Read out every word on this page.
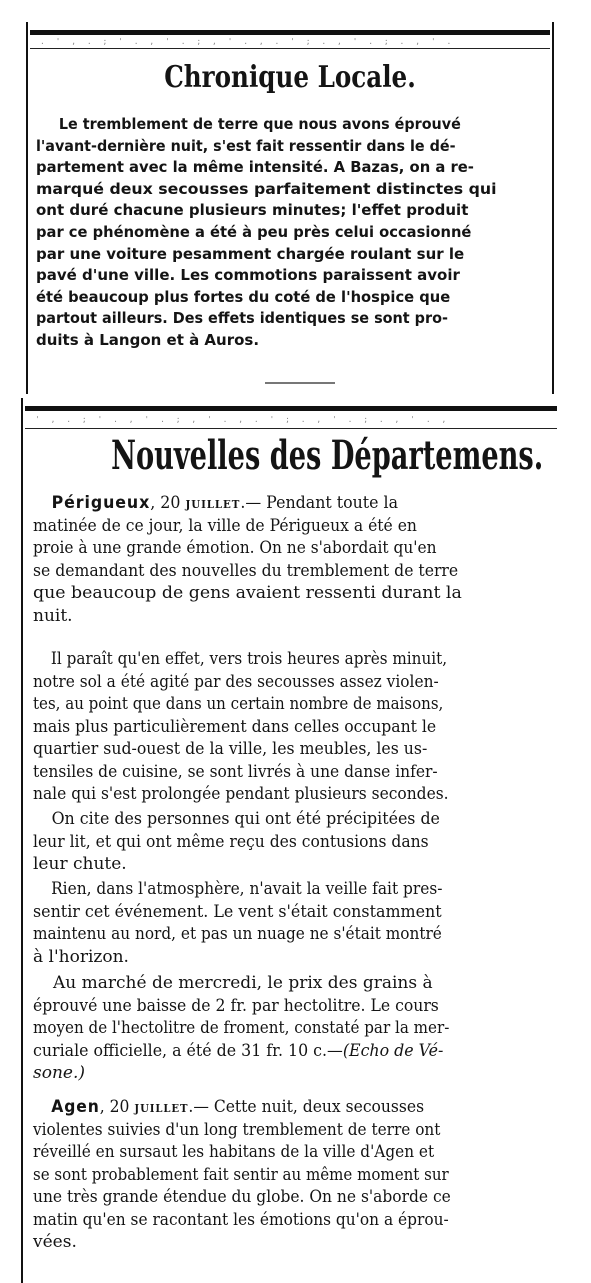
. ' , . ; ' . , ' . ; , ' . , . ' ; . , ' . ; . , ' .
Chronique Locale.
Le tremblement de terre que nous avons éprouvé
l'avant-dernière nuit, s'est fait ressentir dans le dé-
partement avec la même intensité. A Bazas, on a re-
marqué deux secousses parfaitement distinctes qui
ont duré chacune plusieurs minutes; l'effet produit
par ce phénomène a été à peu près celui occasionné
par une voiture pesamment chargée roulant sur le
pavé d'une ville. Les commotions paraissent avoir
été beaucoup plus fortes du coté de l'hospice que
partout ailleurs. Des effets identiques se sont pro-
duits à Langon et à Auros.
' , . ; ' . , ' . ; , ' . , . ' ; . , ' . ; . , ' . ,
Nouvelles des Départemens.
Périgueux, 20 juillet.— Pendant toute la
matinée de ce jour, la ville de Périgueux a été en
proie à une grande émotion. On ne s'abordait qu'en
se demandant des nouvelles du tremblement de terre
que beaucoup de gens avaient ressenti durant la
nuit.
Il paraît qu'en effet, vers trois heures après minuit,
notre sol a été agité par des secousses assez violen-
tes, au point que dans un certain nombre de maisons,
mais plus particulièrement dans celles occupant le
quartier sud-ouest de la ville, les meubles, les us-
tensiles de cuisine, se sont livrés à une danse infer-
nale qui s'est prolongée pendant plusieurs secondes.
On cite des personnes qui ont été précipitées de
leur lit, et qui ont même reçu des contusions dans
leur chute.
Rien, dans l'atmosphère, n'avait la veille fait pres-
sentir cet événement. Le vent s'était constamment
maintenu au nord, et pas un nuage ne s'était montré
à l'horizon.
Au marché de mercredi, le prix des grains à
éprouvé une baisse de 2 fr. par hectolitre. Le cours
moyen de l'hectolitre de froment, constaté par la mer-
curiale officielle, a été de 31 fr. 10 c.—(Echo de Vé-
sone.)
Agen, 20 juillet.— Cette nuit, deux secousses
violentes suivies d'un long tremblement de terre ont
réveillé en sursaut les habitans de la ville d'Agen et
se sont probablement fait sentir au même moment sur
une très grande étendue du globe. On ne s'aborde ce
matin qu'en se racontant les émotions qu'on a éprou-
vées.
